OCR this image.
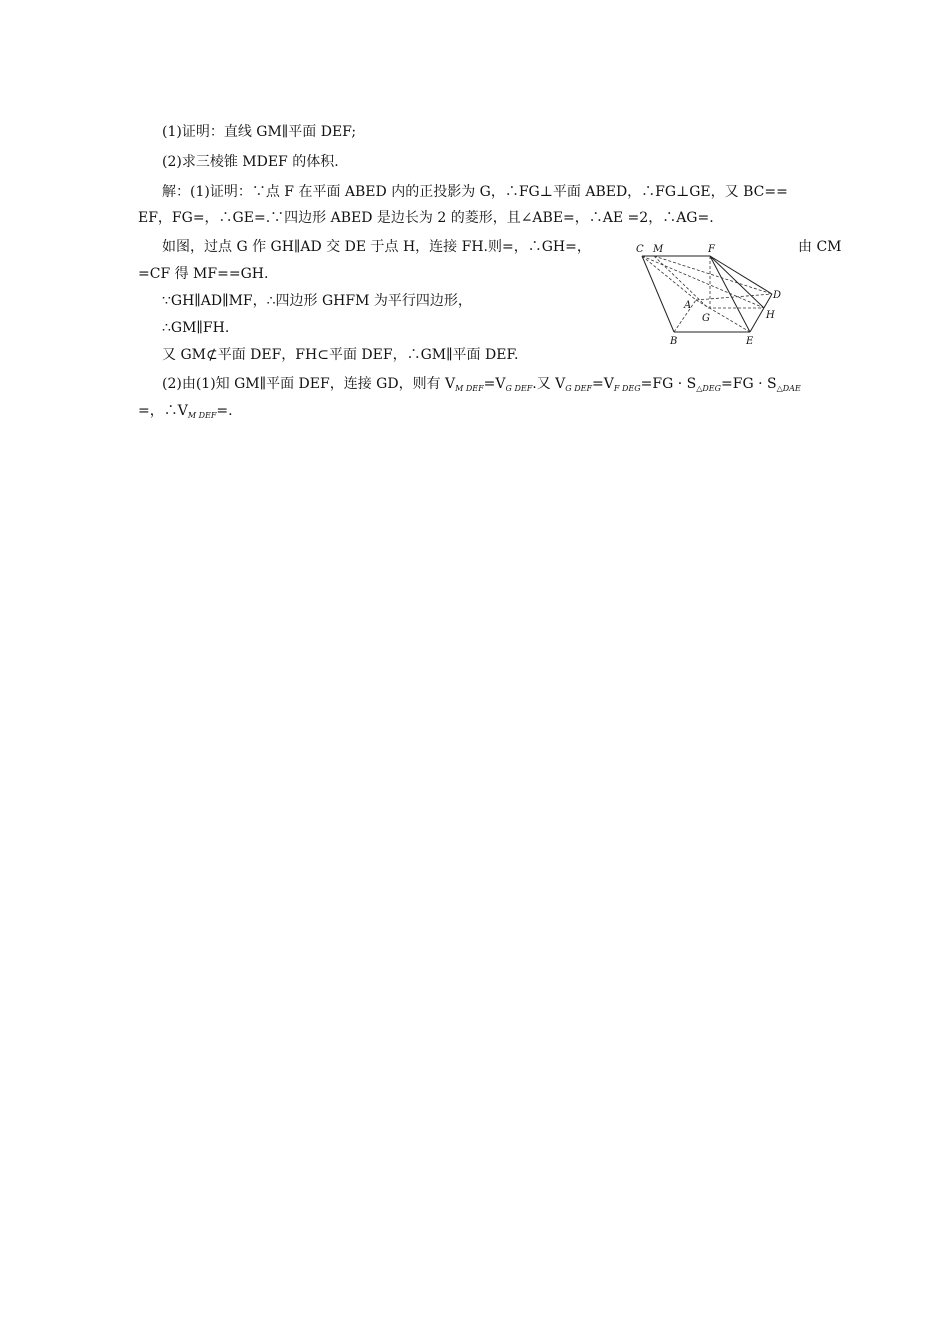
(1)证明：直线 GM∥平面 DEF;
(2)求三棱锥 MDEF 的体积.
解：(1)证明：∵点 F 在平面 ABED 内的正投影为 G，∴FG⊥平面 ABED，∴FG⊥GE，又 BC==
EF，FG=，∴GE=.∵四边形 ABED 是边长为 2 的菱形，且∠ABE=，∴AE =2，∴AG=.
如图，过点 G 作 GH∥AD 交 DE 于点 H，连接 FH.则=，∴GH=，	由 CM
=CF 得 MF==GH.
∵GH∥AD∥MF，∴四边形 GHFM 为平行四边形，
∴GM∥FH.
又 GM⊄平面 DEF，FH⊂平面 DEF，∴GM∥平面 DEF.
(2)由(1)知 GM∥平面 DEF，连接 GD，则有 $V_{M DEF}=V_{G DEF}$.又 $V_{G DEF}=V_{F DEG}=FG \cdot S_{\triangle DEG}=FG \cdot S_{\triangle DAE}$
=，$\therefore V_{M DEF}=$.
C M	F
D
A
G	H
B	E
